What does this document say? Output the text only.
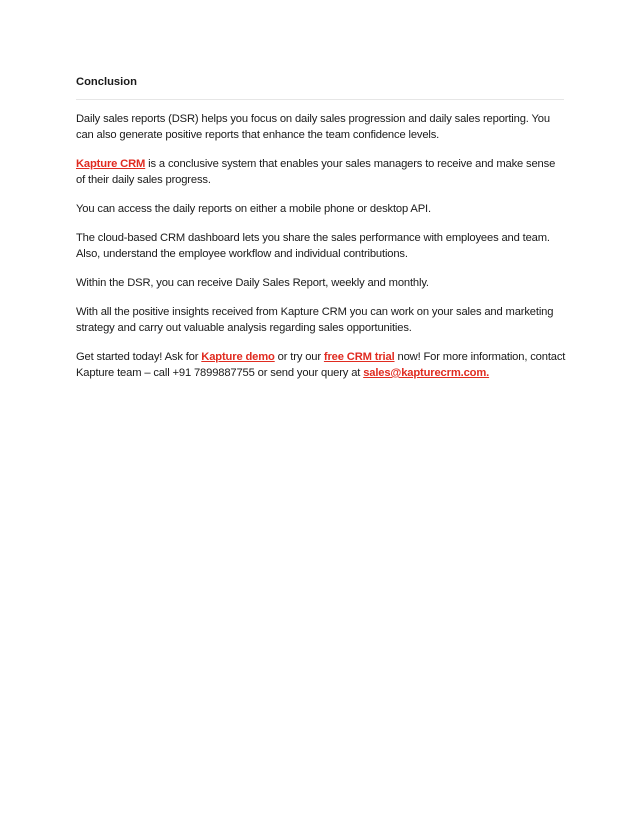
Conclusion

Daily sales reports (DSR) helps you focus on daily sales progression and daily sales reporting. You can also generate positive reports that enhance the team confidence levels.

Kapture CRM is a conclusive system that enables your sales managers to receive and make sense of their daily sales progress.

You can access the daily reports on either a mobile phone or desktop API.

The cloud-based CRM dashboard lets you share the sales performance with employees and team. Also, understand the employee workflow and individual contributions.

Within the DSR, you can receive Daily Sales Report, weekly and monthly.

With all the positive insights received from Kapture CRM you can work on your sales and marketing strategy and carry out valuable analysis regarding sales opportunities.

Get started today! Ask for Kapture demo or try our free CRM trial now! For more information, contact Kapture team – call +91 7899887755 or send your query at sales@kapturecrm.com.
